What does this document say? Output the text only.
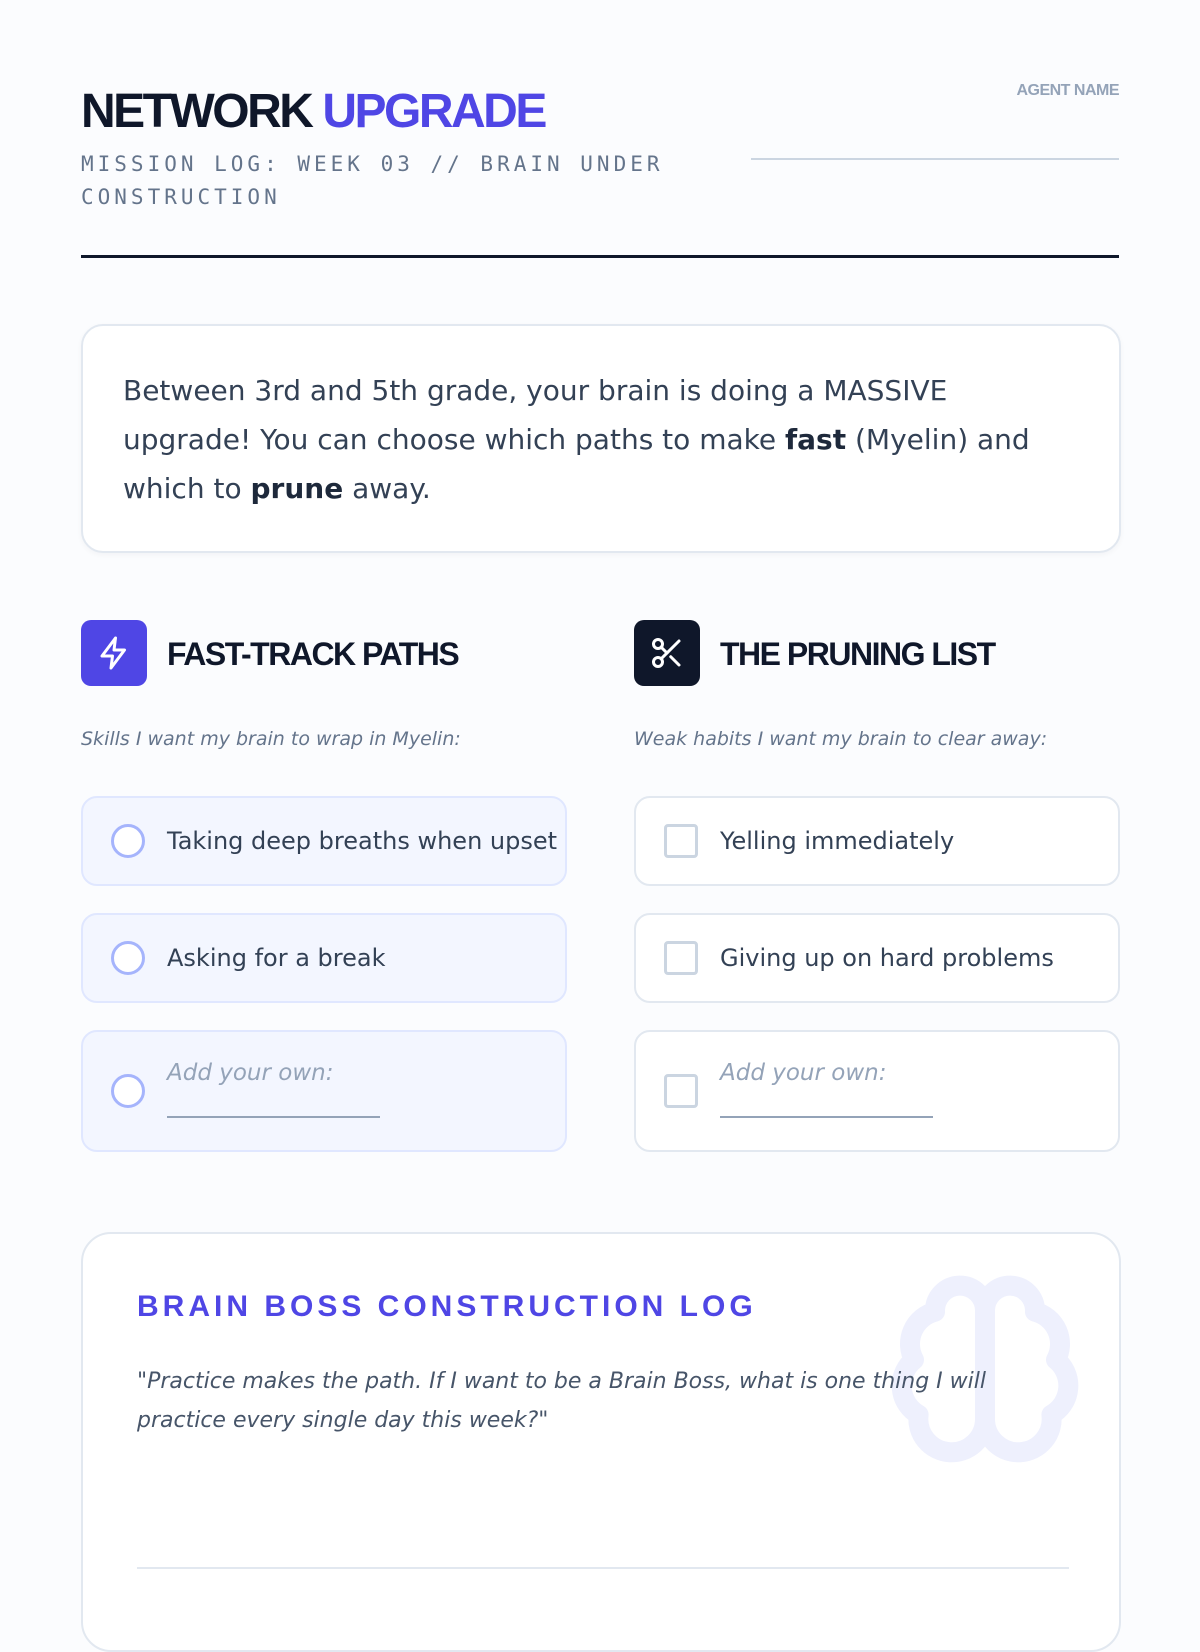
NETWORK UPGRADE
MISSION LOG: WEEK 03 // BRAIN UNDER CONSTRUCTION
AGENT NAME
Between 3rd and 5th grade, your brain is doing a MASSIVE upgrade! You can choose which paths to make fast (Myelin) and which to prune away.
FAST-TRACK PATHS
Skills I want my brain to wrap in Myelin:
Taking deep breaths when upset
Asking for a break
Add your own:
THE PRUNING LIST
Weak habits I want my brain to clear away:
Yelling immediately
Giving up on hard problems
Add your own:
BRAIN BOSS CONSTRUCTION LOG
"Practice makes the path. If I want to be a Brain Boss, what is one thing I will practice every single day this week?"
